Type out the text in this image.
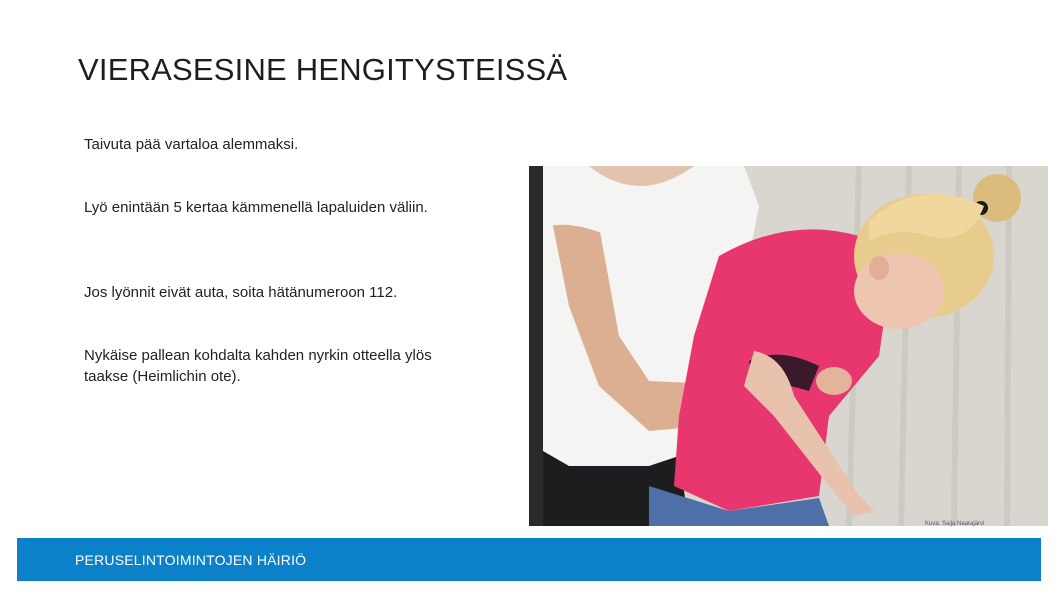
VIERASESINE HENGITYSTEISSÄ
Taivuta pää vartaloa alemmaksi.
Lyö enintään 5 kertaa kämmenellä lapaluiden väliin.
Jos lyönnit eivät auta, soita hätänumeroon 112.
Nykäise pallean kohdalta kahden nyrkin otteella ylös taakse (Heimlichin ote).
Kuva: Saija Naarajärvi
PERUSELINTOIMINTOJEN HÄIRIÖ
